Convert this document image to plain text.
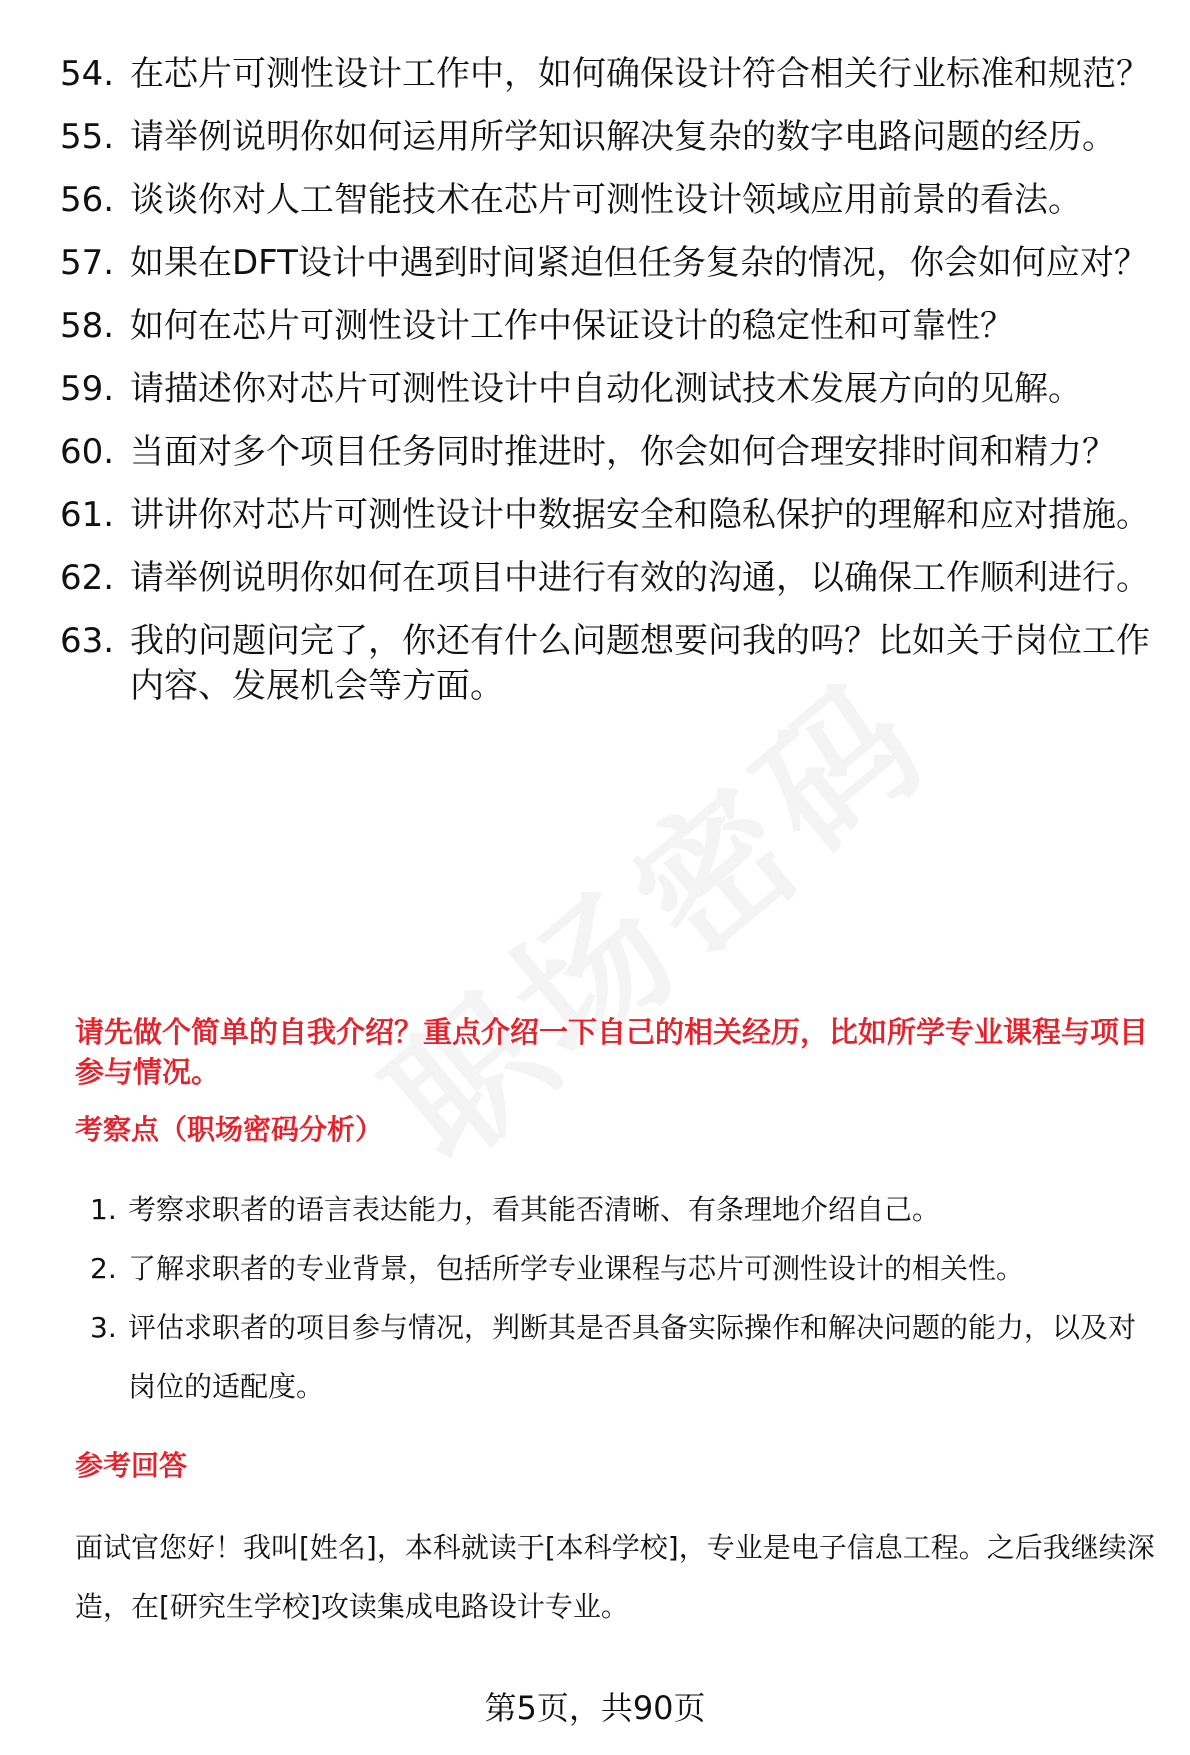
54. 在芯片可测性设计工作中，如何确保设计符合相关行业标准和规范？
55. 请举例说明你如何运用所学知识解决复杂的数字电路问题的经历。
56. 谈谈你对人工智能技术在芯片可测性设计领域应用前景的看法。
57. 如果在DFT设计中遇到时间紧迫但任务复杂的情况，你会如何应对？
58. 如何在芯片可测性设计工作中保证设计的稳定性和可靠性？
59. 请描述你对芯片可测性设计中自动化测试技术发展方向的见解。
60. 当面对多个项目任务同时推进时，你会如何合理安排时间和精力？
61. 讲讲你对芯片可测性设计中数据安全和隐私保护的理解和应对措施。
62. 请举例说明你如何在项目中进行有效的沟通，以确保工作顺利进行。
63. 我的问题问完了，你还有什么问题想要问我的吗？比如关于岗位工作内容、发展机会等方面。
请先做个简单的自我介绍？重点介绍一下自己的相关经历，比如所学专业课程与项目参与情况。
考察点（职场密码分析）
1. 考察求职者的语言表达能力，看其能否清晰、有条理地介绍自己。
2. 了解求职者的专业背景，包括所学专业课程与芯片可测性设计的相关性。
3. 评估求职者的项目参与情况，判断其是否具备实际操作和解决问题的能力，以及对岗位的适配度。
参考回答
面试官您好！我叫[姓名]，本科就读于[本科学校]，专业是电子信息工程。之后我继续深造，在[研究生学校]攻读集成电路设计专业。
第5页，共90页
